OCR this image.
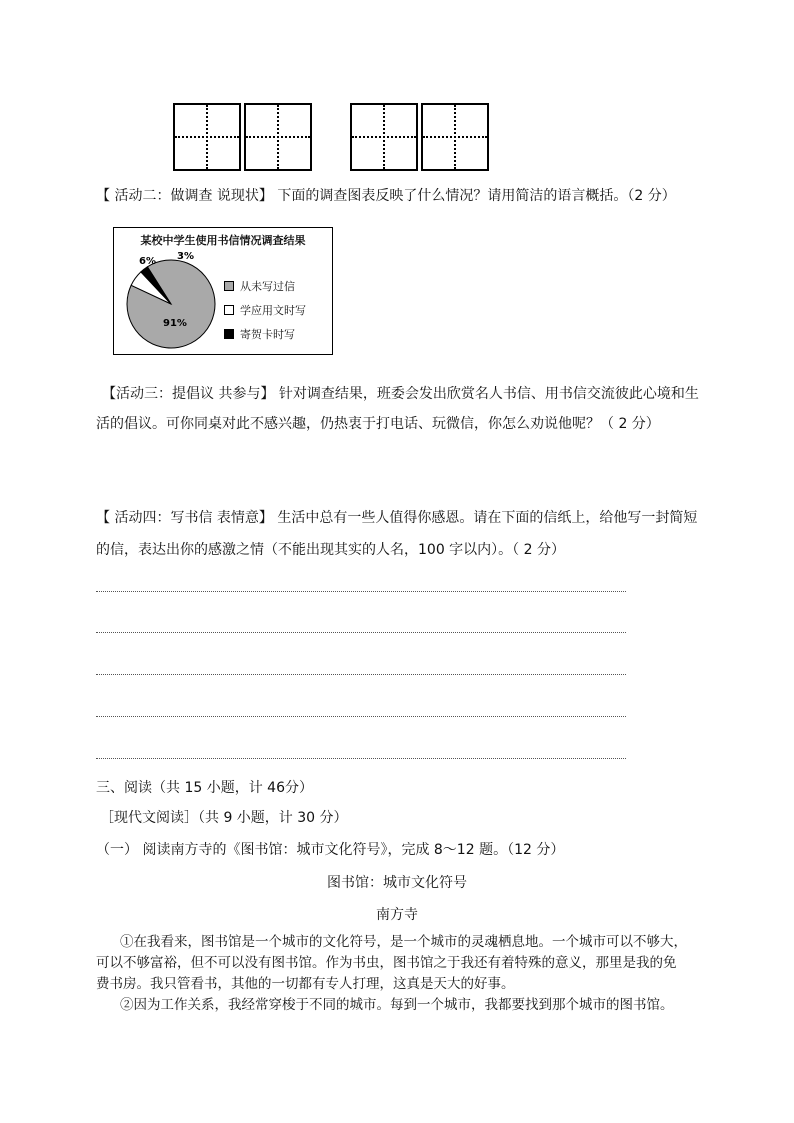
【 活动二：做调查 说现状】 下面的调查图表反映了什么情况？请用简洁的语言概括。（2 分）
某校中学生使用书信情况调查结果
91%
6% 3%
从未写过信
学应用文时写
寄贺卡时写
【活动三：提倡议 共参与】 针对调查结果，班委会发出欣赏名人书信、用书信交流彼此心境和生
活的倡议。可你同桌对此不感兴趣，仍热衷于打电话、玩微信，你怎么劝说他呢？（ 2 分）
【 活动四：写书信 表情意】 生活中总有一些人值得你感恩。请在下面的信纸上，给他写一封简短
的信，表达出你的感激之情（不能出现其实的人名，100 字以内）。（ 2 分）
三、阅读（共 15 小题，计 46分）
［现代文阅读］（共 9 小题，计 30 分）
（一） 阅读南方寺的《图书馆：城市文化符号》，完成 8～12 题。（12 分）
图书馆：城市文化符号
南方寺
①在我看来，图书馆是一个城市的文化符号，是一个城市的灵魂栖息地。一个城市可以不够大，
可以不够富裕，但不可以没有图书馆。作为书虫，图书馆之于我还有着特殊的意义，那里是我的免
费书房。我只管看书，其他的一切都有专人打理，这真是天大的好事。
②因为工作关系，我经常穿梭于不同的城市。每到一个城市，我都要找到那个城市的图书馆。
